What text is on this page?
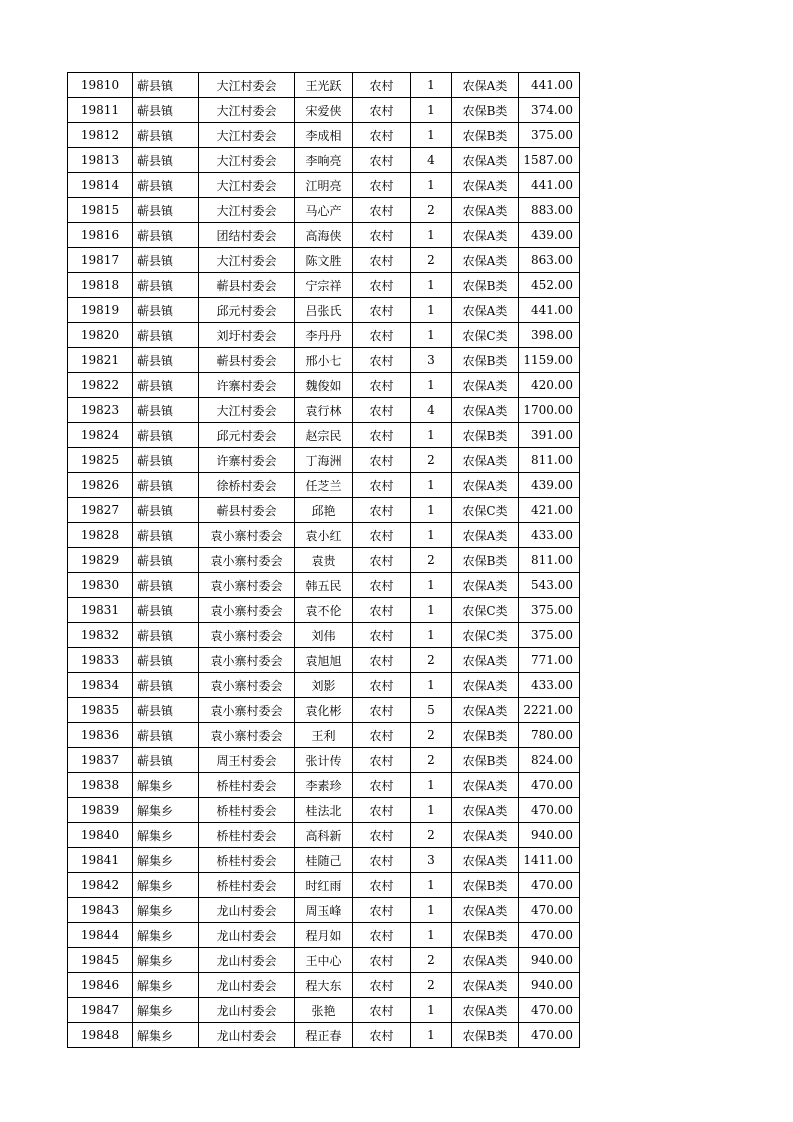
19810	蕲县镇	大江村委会	王光跃	农村	1	农保A类	441.00
19811	蕲县镇	大江村委会	宋爱侠	农村	1	农保B类	374.00
19812	蕲县镇	大江村委会	李成相	农村	1	农保B类	375.00
19813	蕲县镇	大江村委会	李响亮	农村	4	农保A类	1587.00
19814	蕲县镇	大江村委会	江明亮	农村	1	农保A类	441.00
19815	蕲县镇	大江村委会	马心产	农村	2	农保A类	883.00
19816	蕲县镇	团结村委会	高海侠	农村	1	农保A类	439.00
19817	蕲县镇	大江村委会	陈文胜	农村	2	农保A类	863.00
19818	蕲县镇	蕲县村委会	宁宗祥	农村	1	农保B类	452.00
19819	蕲县镇	邱元村委会	吕张氏	农村	1	农保A类	441.00
19820	蕲县镇	刘圩村委会	李丹丹	农村	1	农保C类	398.00
19821	蕲县镇	蕲县村委会	邢小七	农村	3	农保B类	1159.00
19822	蕲县镇	许寨村委会	魏俊如	农村	1	农保A类	420.00
19823	蕲县镇	大江村委会	袁行林	农村	4	农保A类	1700.00
19824	蕲县镇	邱元村委会	赵宗民	农村	1	农保B类	391.00
19825	蕲县镇	许寨村委会	丁海洲	农村	2	农保A类	811.00
19826	蕲县镇	徐桥村委会	任芝兰	农村	1	农保A类	439.00
19827	蕲县镇	蕲县村委会	邱艳	农村	1	农保C类	421.00
19828	蕲县镇	袁小寨村委会	袁小红	农村	1	农保A类	433.00
19829	蕲县镇	袁小寨村委会	袁贵	农村	2	农保B类	811.00
19830	蕲县镇	袁小寨村委会	韩五民	农村	1	农保A类	543.00
19831	蕲县镇	袁小寨村委会	袁不伦	农村	1	农保C类	375.00
19832	蕲县镇	袁小寨村委会	刘伟	农村	1	农保C类	375.00
19833	蕲县镇	袁小寨村委会	袁旭旭	农村	2	农保A类	771.00
19834	蕲县镇	袁小寨村委会	刘影	农村	1	农保A类	433.00
19835	蕲县镇	袁小寨村委会	袁化彬	农村	5	农保A类	2221.00
19836	蕲县镇	袁小寨村委会	王利	农村	2	农保B类	780.00
19837	蕲县镇	周王村委会	张计传	农村	2	农保B类	824.00
19838	解集乡	桥桂村委会	李素珍	农村	1	农保A类	470.00
19839	解集乡	桥桂村委会	桂法北	农村	1	农保A类	470.00
19840	解集乡	桥桂村委会	高科新	农村	2	农保A类	940.00
19841	解集乡	桥桂村委会	桂随己	农村	3	农保A类	1411.00
19842	解集乡	桥桂村委会	时红雨	农村	1	农保B类	470.00
19843	解集乡	龙山村委会	周玉峰	农村	1	农保A类	470.00
19844	解集乡	龙山村委会	程月如	农村	1	农保B类	470.00
19845	解集乡	龙山村委会	王中心	农村	2	农保A类	940.00
19846	解集乡	龙山村委会	程大东	农村	2	农保A类	940.00
19847	解集乡	龙山村委会	张艳	农村	1	农保A类	470.00
19848	解集乡	龙山村委会	程正春	农村	1	农保B类	470.00
